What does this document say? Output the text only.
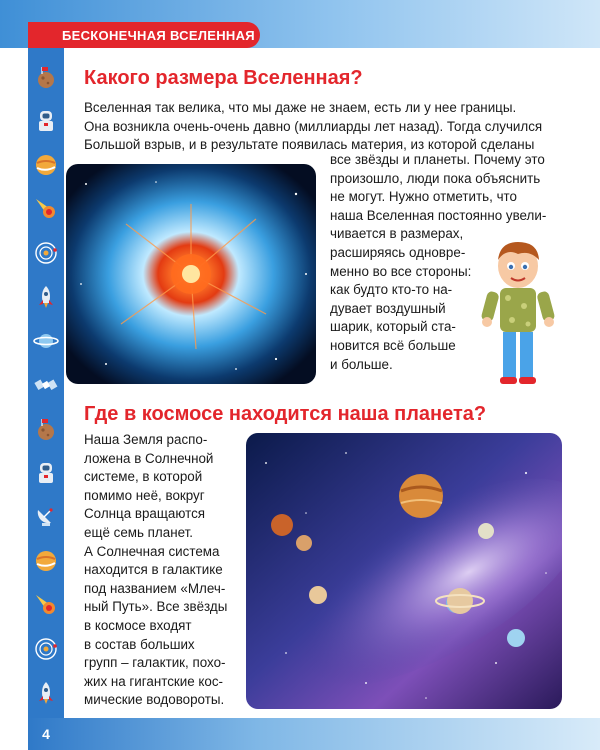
БЕСКОНЕЧНАЯ ВСЕЛЕННАЯ
Какого размера Вселенная?
Вселенная так велика, что мы даже не знаем, есть ли у нее границы.
Она возникла очень-очень давно (миллиарды лет назад). Тогда случился
Большой взрыв, и в результате появилась материя, из которой сделаны
все звёзды и планеты. Почему это
произошло, люди пока объяснить
не могут. Нужно отметить, что
наша Вселенная постоянно увели-
чивается в размерах,
расширяясь одновре-
менно во все стороны:
как будто кто-то на-
дувает воздушный
шарик, который ста-
новится всё больше
и больше.
Где в космосе находится наша планета?
Наша Земля распо-
ложена в Солнечной
системе, в которой
помимо неё, вокруг
Солнца вращаются
ещё семь планет.
А Солнечная система
находится в галактике
под названием «Млеч-
ный Путь». Все звёзды
в космосе входят
в состав больших
групп – галактик, похо-
жих на гигантские кос-
мические водовороты.
4
